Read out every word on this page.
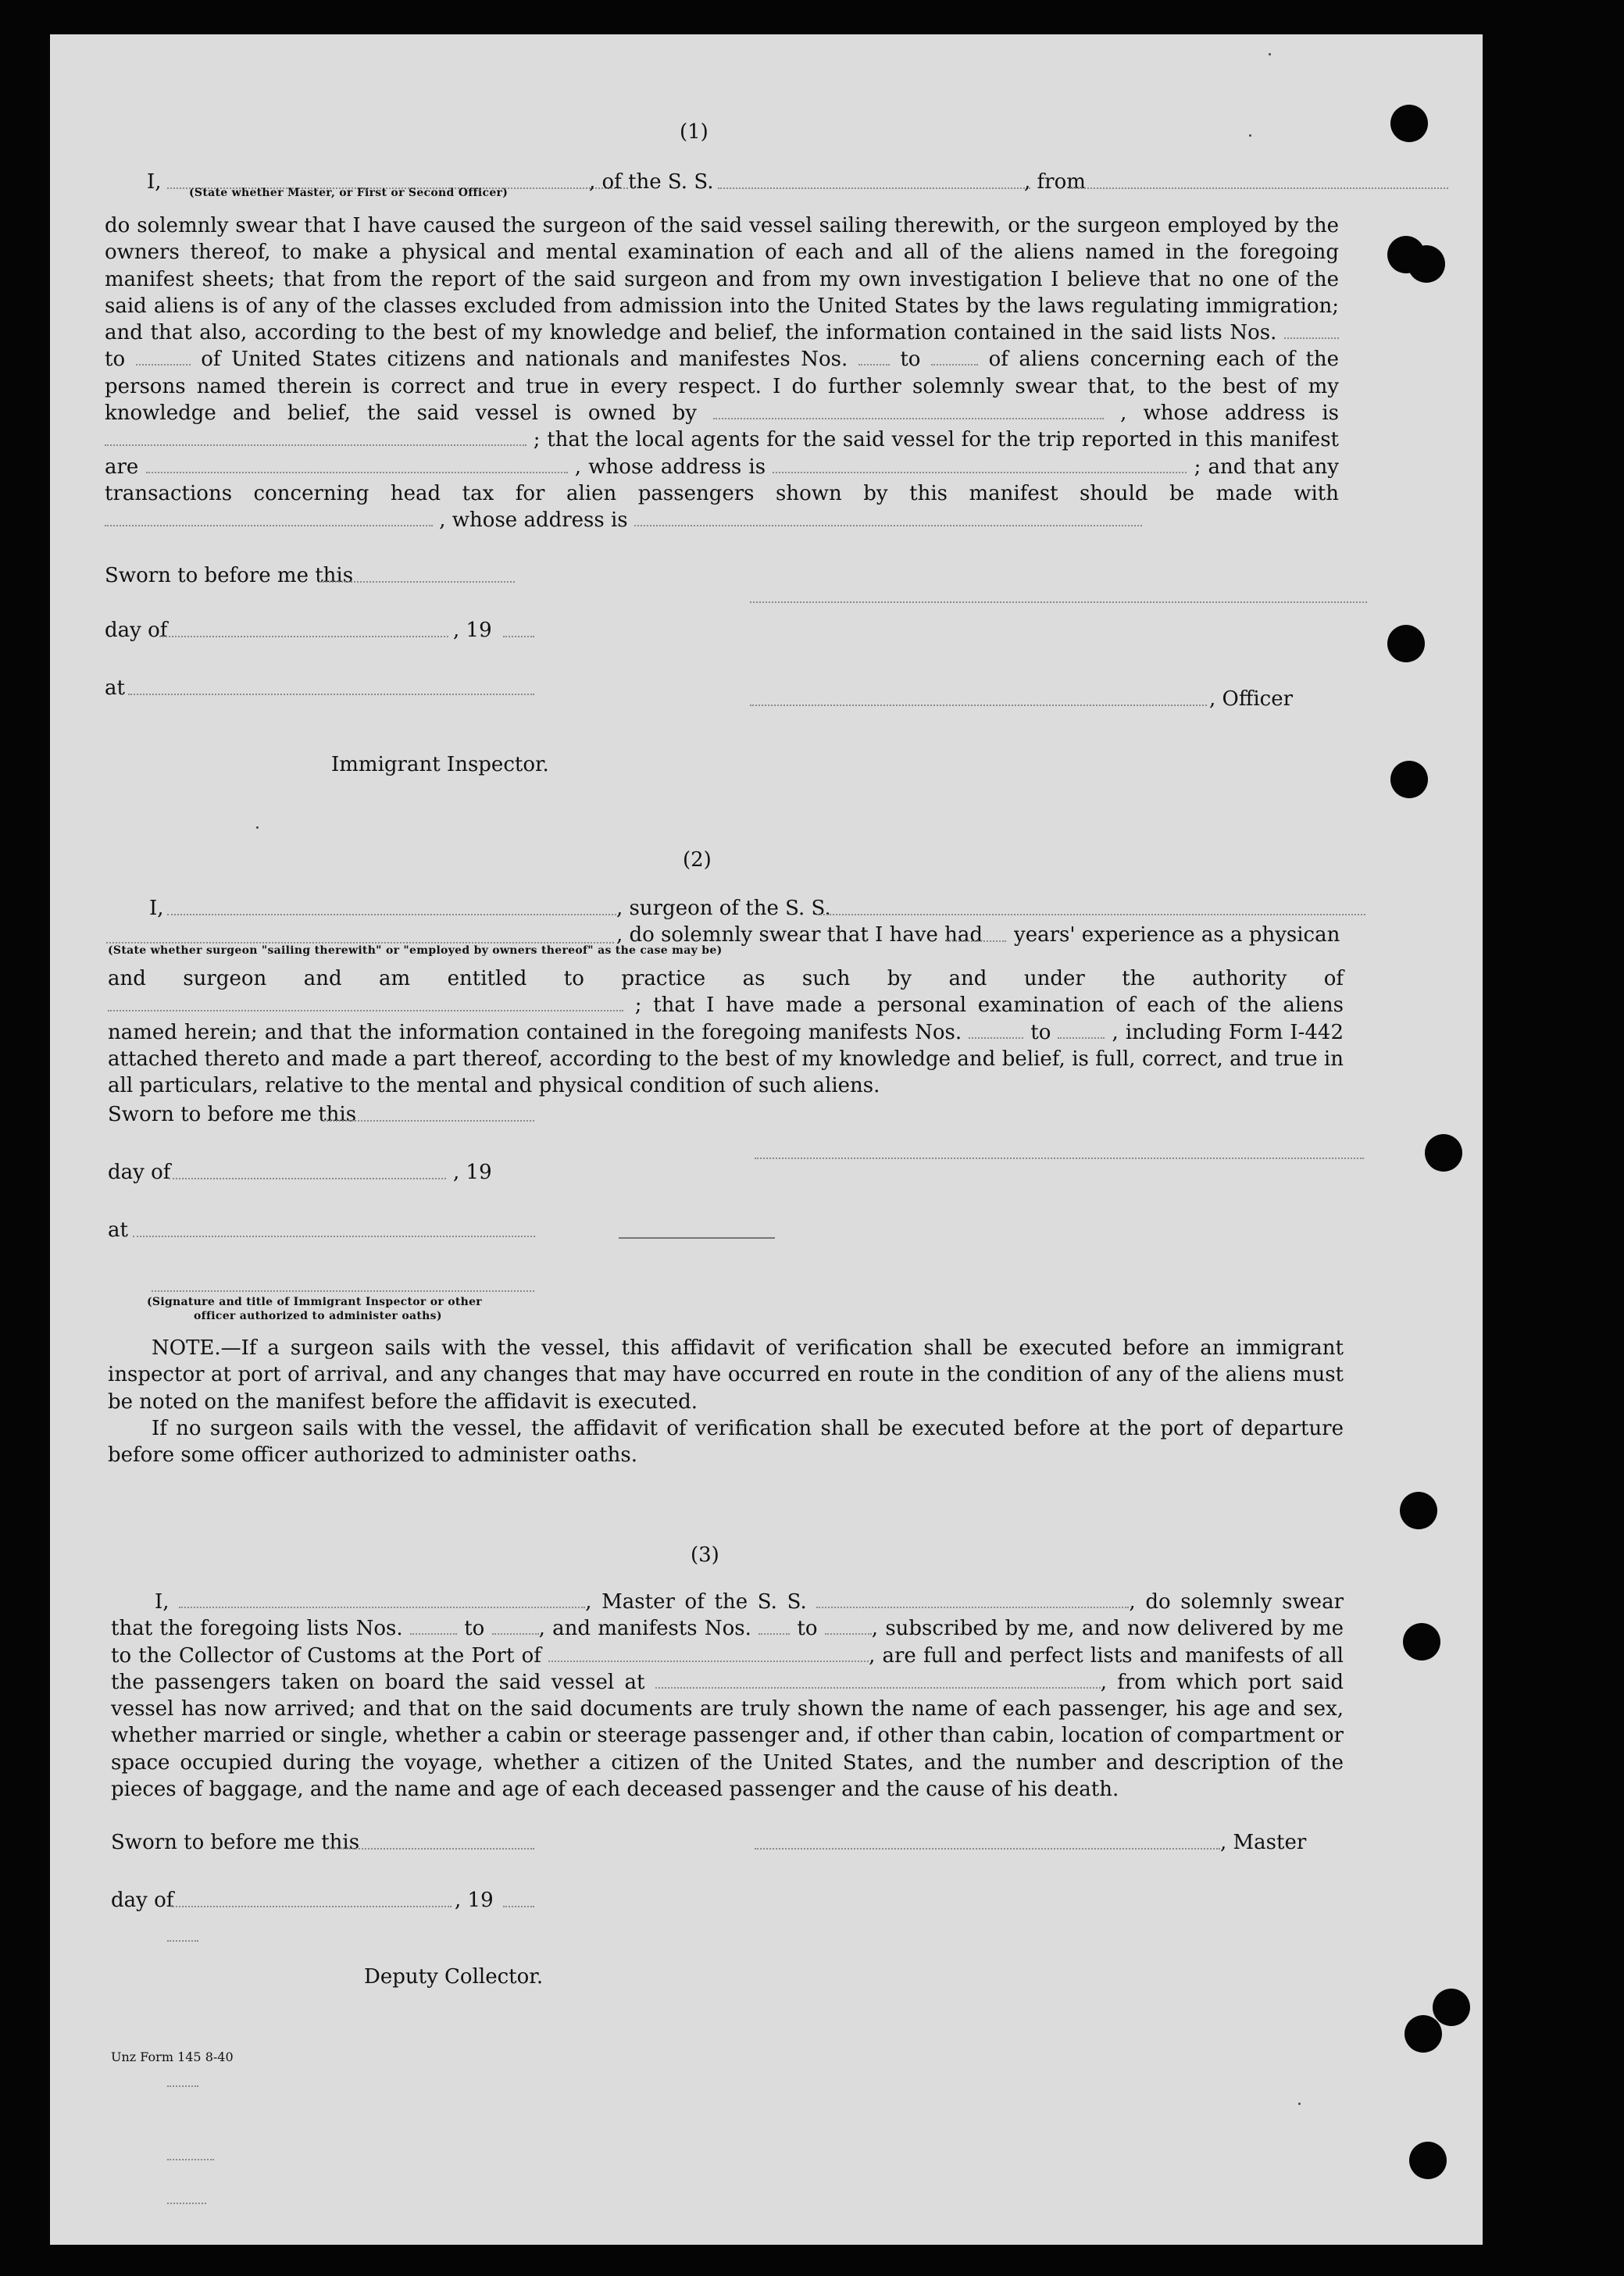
(1)
I,	(State whether Master, or First or Second Officer)	, of the S. S.	, from
do solemnly swear that I have caused the surgeon of the said vessel sailing therewith, or the surgeon employed by the owners thereof, to make a physical and mental examination of each and all of the aliens named in the foregoing manifest sheets; that from the report of the said surgeon and from my own investigation I believe that no one of the said aliens is of any of the classes excluded from admission into the United States by the laws regulating immigration; and that also, according to the best of my knowledge and belief, the information contained in the said lists Nos.  to	of United States citizens and nationals and manifestes Nos.	to	of aliens concerning each of the persons named therein is correct and true in every respect. I do further solemnly swear that, to the best of my knowledge and belief, the said vessel is owned by	, whose address is  ; that the local agents for the said vessel for the trip reported in this manifest are	, whose address is	; and that any transactions concerning head tax for alien passengers shown by this manifest should be made with  , whose address is
Sworn to before me this
day of	, 19
at	, Officer
Immigrant Inspector.
(2)
I,	, surgeon of the S. S.
, do solemnly swear that I have had years' experience as a physican
(State whether surgeon "sailing therewith" or "employed by owners thereof" as the case may be)
and surgeon and am entitled to practice as such by and under the authority of  ; that I have made a personal examination of each of the aliens named herein; and that the information contained in the foregoing manifests Nos.	to	, including Form I-442 attached thereto and made a part thereof, according to the best of my knowledge and belief, is full, correct, and true in all particulars, relative to the mental and physical condition of such aliens.
Sworn to before me this
day of	, 19
at
(Signature and title of Immigrant Inspector or other
officer authorized to administer oaths)
NOTE.—If a surgeon sails with the vessel, this affidavit of verification shall be executed before an immigrant inspector at port of arrival, and any changes that may have occurred en route in the condition of any of the aliens must be noted on the manifest before the affidavit is executed.
If no surgeon sails with the vessel, the affidavit of verification shall be executed before at the port of departure before some officer authorized to administer oaths.
(3)
I,	, Master of the S. S.	, do solemnly swear that the foregoing lists Nos.	to	, and manifests Nos. to	, subscribed by me, and now delivered by me to the Collector of Customs at the Port of	, are full and perfect lists and manifests of all the passengers taken on board the said vessel at	, from which port said vessel has now arrived; and that on the said documents are truly shown the name of each passenger, his age and sex, whether married or single, whether a cabin or steerage passenger and, if other than cabin, location of compartment or space occupied during the voyage, whether a citizen of the United States, and the number and description of the pieces of baggage, and the name and age of each deceased passenger and the cause of his death.
Sworn to before me this	, Master
day of	, 19
Deputy Collector.
Unz Form 145 8-40
